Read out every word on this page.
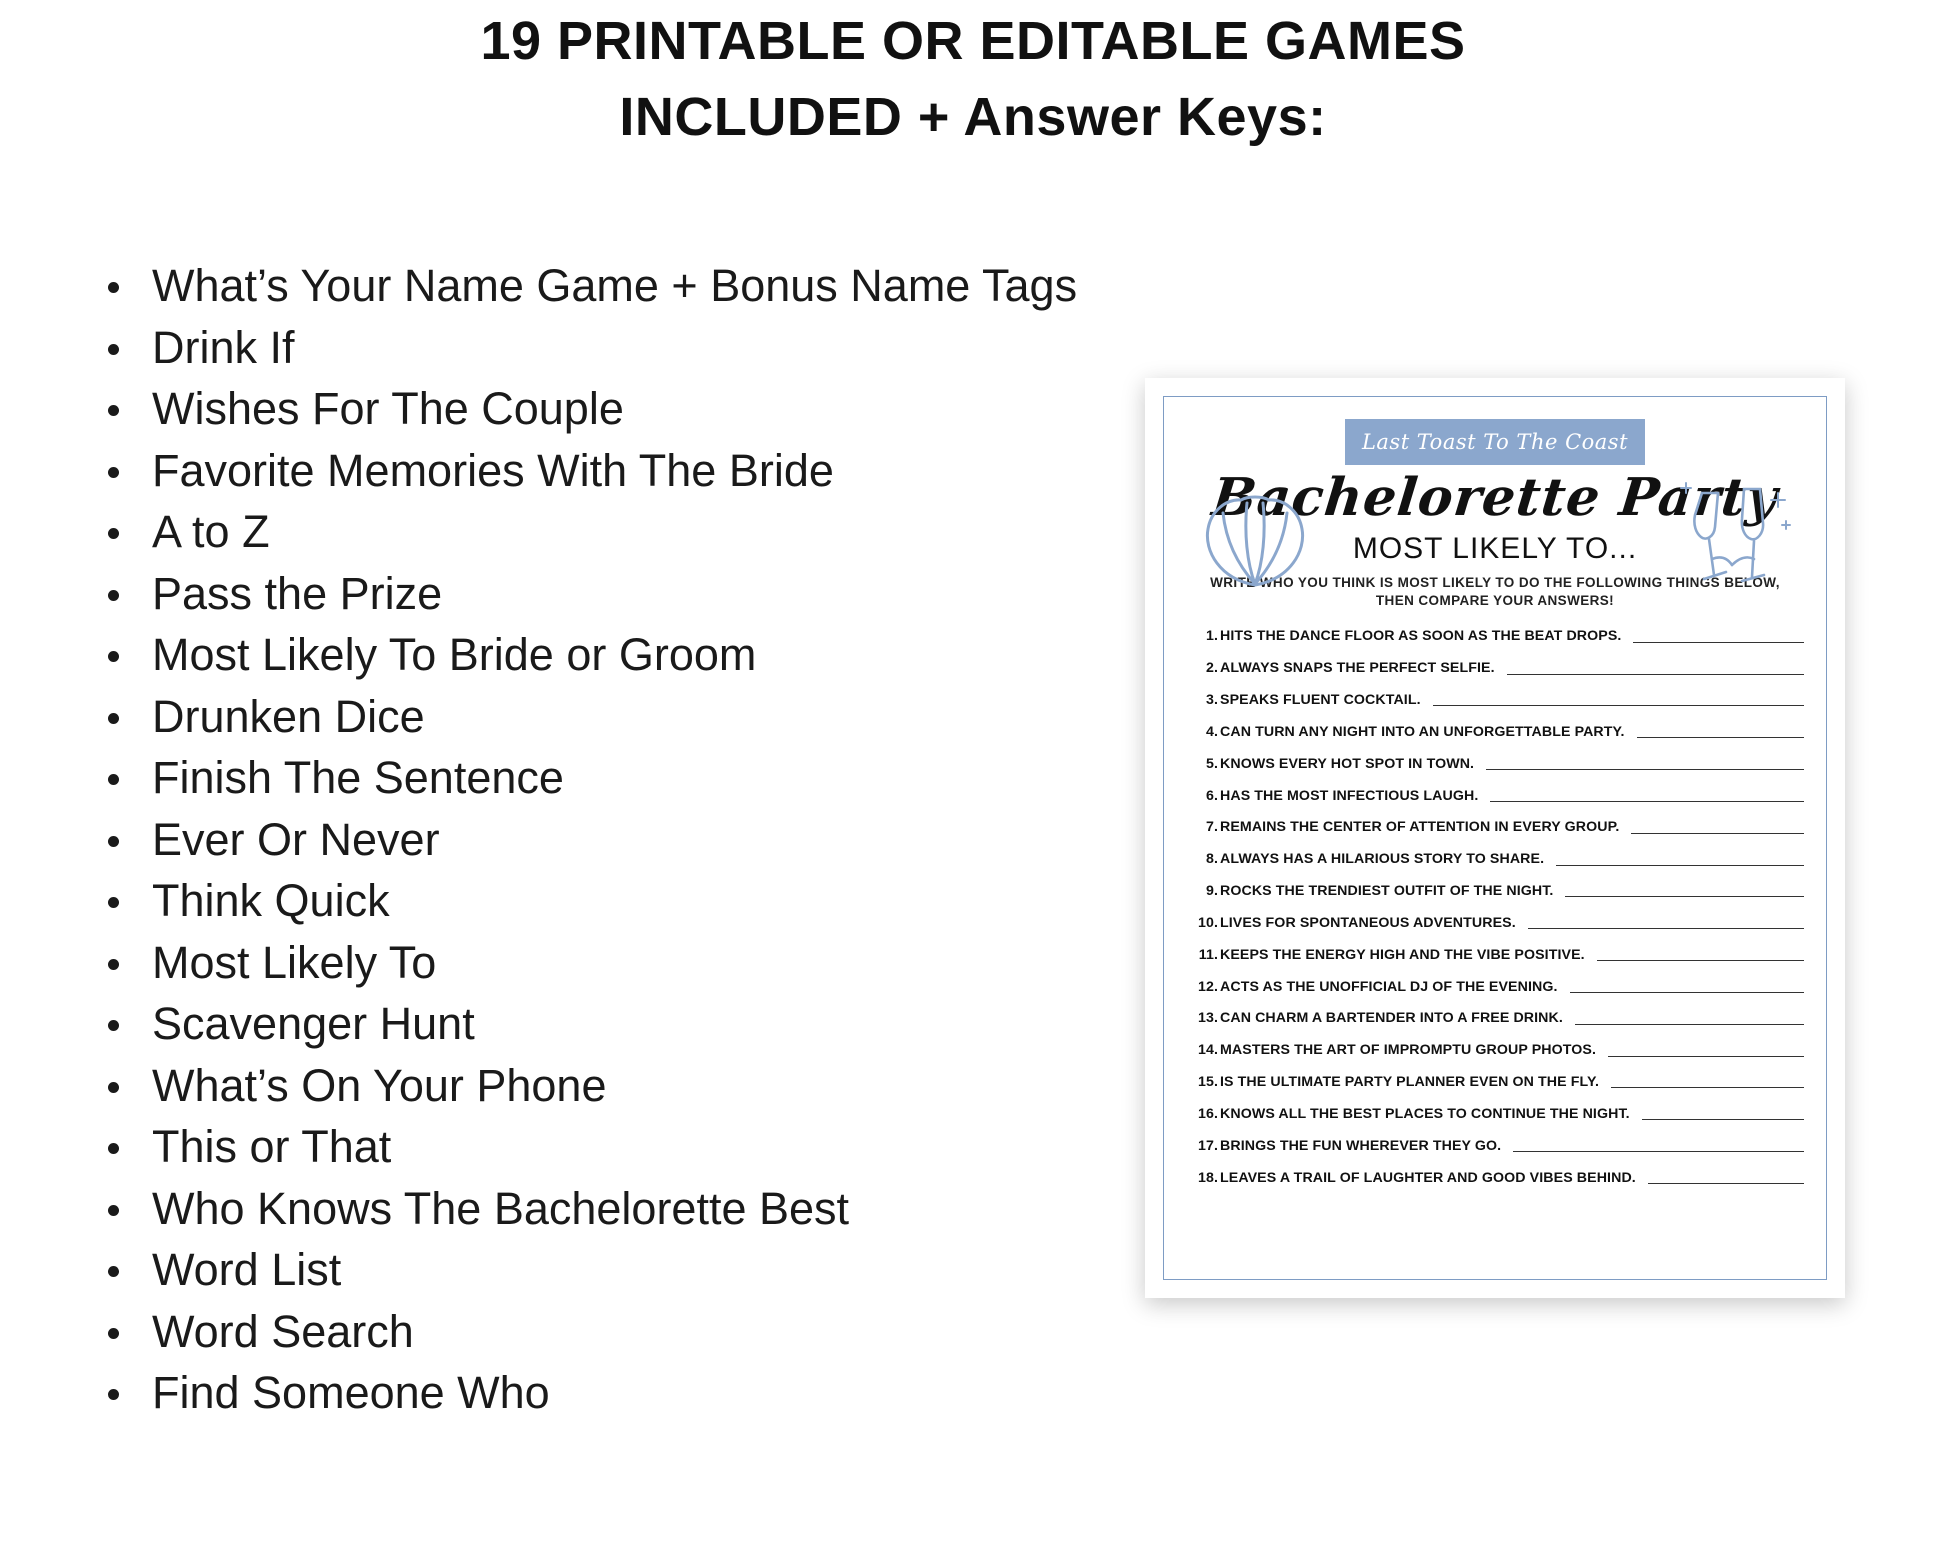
19 PRINTABLE OR EDITABLE GAMES
INCLUDED + Answer Keys:
What’s Your Name Game + Bonus Name Tags
Drink If
Wishes For The Couple
Favorite Memories With The Bride
A to Z
Pass the Prize
Most Likely To Bride or Groom
Drunken Dice
Finish The Sentence
Ever Or Never
Think Quick
Most Likely To
Scavenger Hunt
What’s On Your Phone
This or That
Who Knows The Bachelorette Best
Word List
Word Search
Find Someone Who
Last Toast To The Coast
Bachelorette Party
MOST LIKELY TO...
WRITE WHO YOU THINK IS MOST LIKELY TO DO THE FOLLOWING THINGS BELOW, THEN COMPARE YOUR ANSWERS!
1. HITS THE DANCE FLOOR AS SOON AS THE BEAT DROPS.
2. ALWAYS SNAPS THE PERFECT SELFIE.
3. SPEAKS FLUENT COCKTAIL.
4. CAN TURN ANY NIGHT INTO AN UNFORGETTABLE PARTY.
5. KNOWS EVERY HOT SPOT IN TOWN.
6. HAS THE MOST INFECTIOUS LAUGH.
7. REMAINS THE CENTER OF ATTENTION IN EVERY GROUP.
8. ALWAYS HAS A HILARIOUS STORY TO SHARE.
9. ROCKS THE TRENDIEST OUTFIT OF THE NIGHT.
10. LIVES FOR SPONTANEOUS ADVENTURES.
11. KEEPS THE ENERGY HIGH AND THE VIBE POSITIVE.
12. ACTS AS THE UNOFFICIAL DJ OF THE EVENING.
13. CAN CHARM A BARTENDER INTO A FREE DRINK.
14. MASTERS THE ART OF IMPROMPTU GROUP PHOTOS.
15. IS THE ULTIMATE PARTY PLANNER EVEN ON THE FLY.
16. KNOWS ALL THE BEST PLACES TO CONTINUE THE NIGHT.
17. BRINGS THE FUN WHEREVER THEY GO.
18. LEAVES A TRAIL OF LAUGHTER AND GOOD VIBES BEHIND.
